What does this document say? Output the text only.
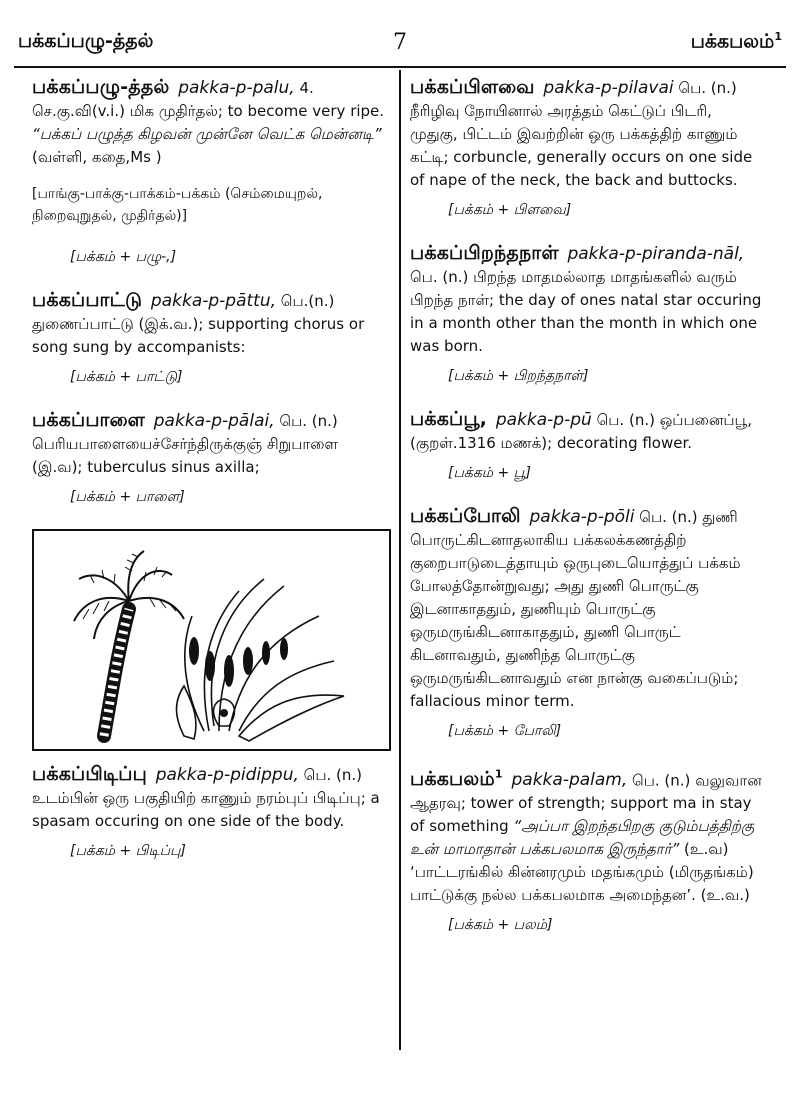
பக்கப்பழு-த்தல்	7	பக்கபலம்$^1$
பக்கப்பழு-த்தல் pakka-p-palu, 4. செ.கு.வி(v.i.) மிக முதிர்தல்; to become very ripe. “பக்கப் பழுத்த கிழவன் முன்னே வெட்க மென்னடி” (வள்ளி, கதை,Ms )
[பாங்கு-பாக்கு-பாக்கம்-பக்கம் (செம்மையுறல், நிறைவுறுதல், முதிர்தல்)]
[பக்கம் + பழு-,]
பக்கப்பாட்டு pakka-p-pāttu, பெ.(n.) துணைப்பாட்டு (இக்.வ.); supporting chorus or song sung by accompanists:
[பக்கம் + பாட்டு]
பக்கப்பாளை pakka-p-pālai, பெ. (n.) பெரியபாளையைச்சேர்ந்திருக்குஞ் சிறுபாளை (இ.வ); tuberculus sinus axilla;
[பக்கம் + பாளை]
பக்கப்பிடிப்பு pakka-p-pidippu, பெ. (n.) உடம்பின் ஒரு பகுதியிற் காணும் நரம்புப் பிடிப்பு; a spasam occuring on one side of the body.
[பக்கம் + பிடிப்பு]
பக்கப்பிளவை pakka-p-pilavai பெ. (n.) நீரிழிவு நோயினால் அரத்தம் கெட்டுப் பிடரி, முதுகு, பிட்டம் இவற்றின் ஒரு பக்கத்திற் காணும் கட்டி; corbuncle, generally occurs on one side of nape of the neck, the back and buttocks.
[பக்கம் + பிளவை]
பக்கப்பிறந்தநாள் pakka-p-piranda-nāl, பெ. (n.) பிறந்த மாதமல்லாத மாதங்களில் வரும் பிறந்த நாள்; the day of ones natal star occuring in a month other than the month in which one was born.
[பக்கம் + பிறந்தநாள்]
பக்கப்பூ, pakka-p-pū பெ. (n.) ஒப்பனைப்பூ, (குறள்.1316 மணக்); decorating flower.
[பக்கம் + பூ]
பக்கப்போலி pakka-p-pōli பெ. (n.) துணி பொருட்கிடனாதலாகிய பக்கலக்கணத்திற் குறைபாடுடைத்தாயும் ஒருபுடையொத்துப் பக்கம் போலத்தோன்றுவது; அது துணி பொருட்கு இடனாகாததும், துணியும் பொருட்கு ஒருமருங்கிடனாகாததும், துணி பொருட் கிடனாவதும், துணிந்த பொருட்கு ஒருமருங்கிடனாவதும் என நான்கு வகைப்படும்; fallacious minor term.
[பக்கம் + போலி]
பக்கபலம்$^1$ pakka-palam, பெ. (n.) வலுவான ஆதரவு; tower of strength; support ma in stay of something “அப்பா இறந்தபிறகு குடும்பத்திற்கு உன் மாமாதான் பக்கபலமாக இருந்தார்” (உ.வ) ‘பாட்டரங்கில் கின்னரமும் மதங்கமும் (மிருதங்கம்) பாட்டுக்கு நல்ல பக்கபலமாக அமைந்தன’. (உ.வ.)
[பக்கம் + பலம்]
